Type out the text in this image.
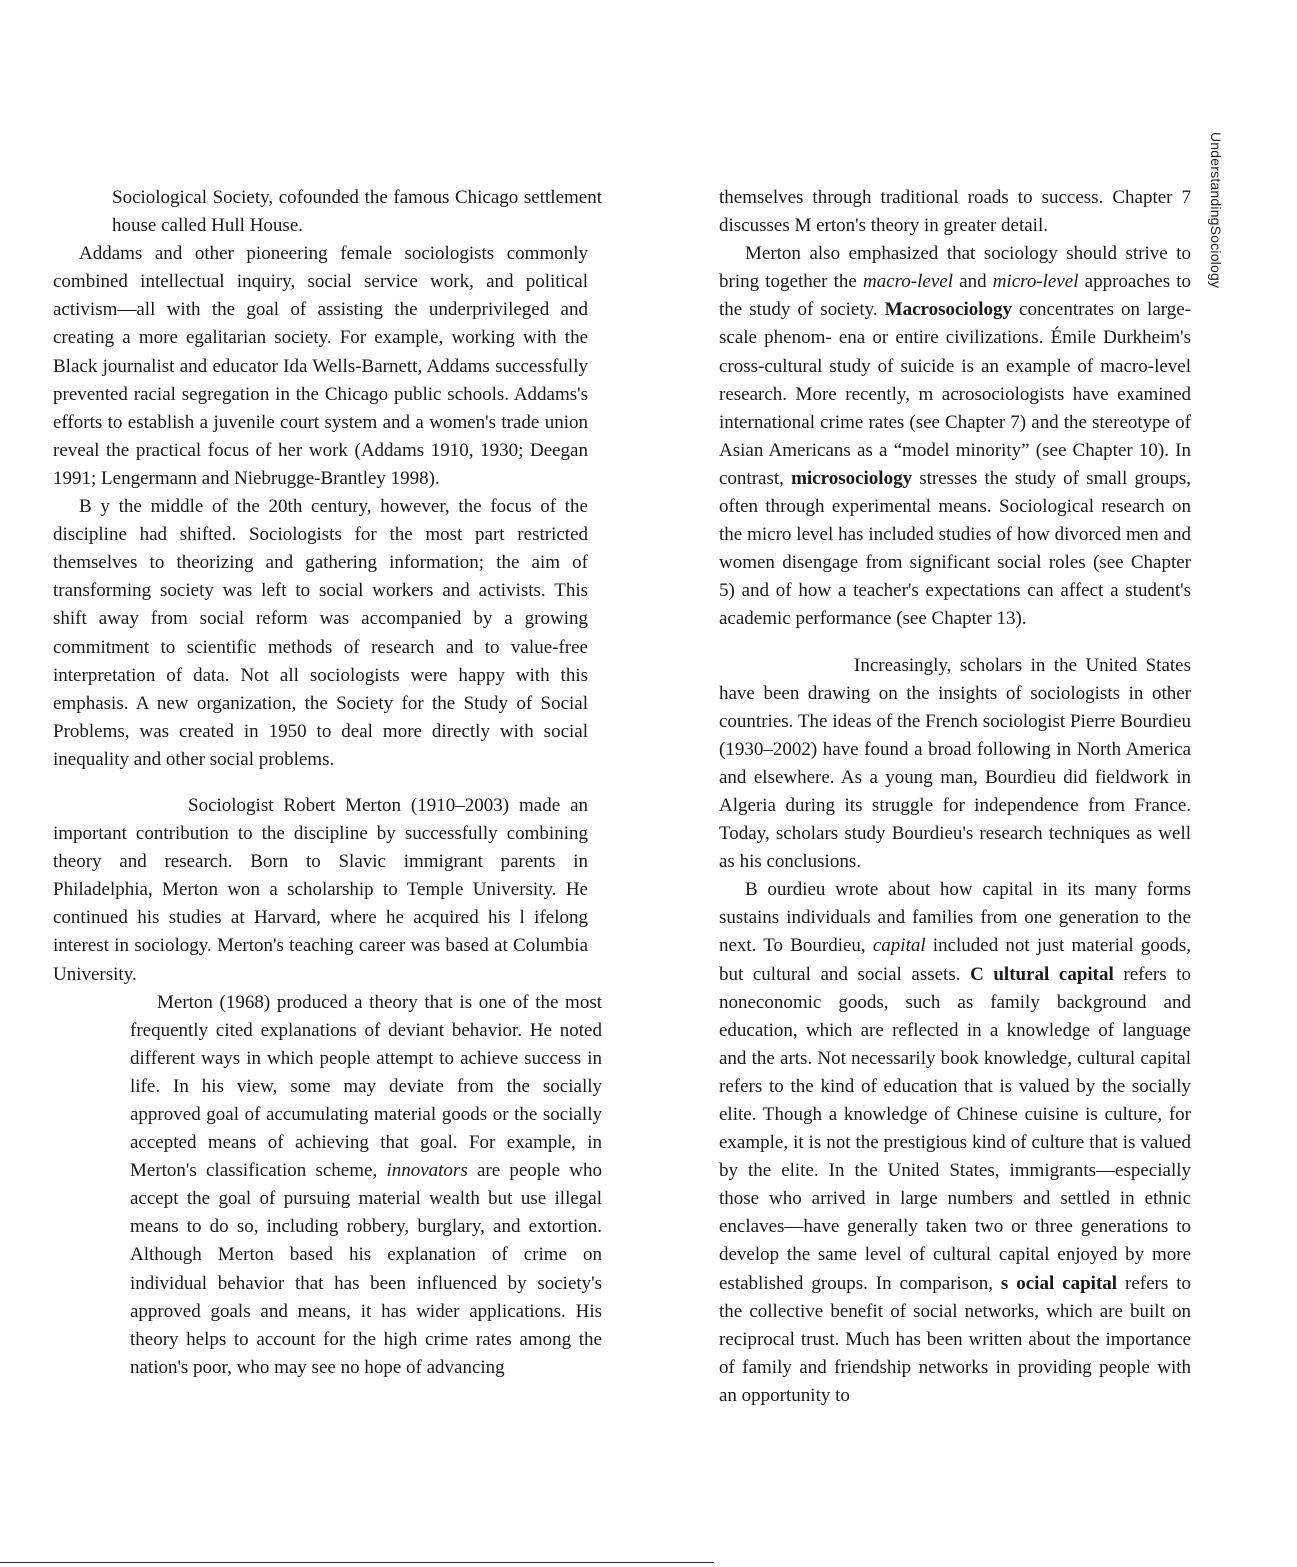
UnderstandingSociology

Sociological Society, cofounded the famous Chicago settlement house called Hull House.

Addams and other pioneering female sociologists commonly combined intellectual inquiry, social service work, and political activism—all with the goal of assisting the underprivileged and creating a more egalitarian society. For example, working with the Black journalist and educator Ida Wells-Barnett, Addams successfully prevented racial segregation in the Chicago public schools. Addams's efforts to establish a juvenile court system and a women's trade union reveal the practical focus of her work (Addams 1910, 1930; Deegan 1991; Lengermann and Niebrugge-Brantley 1998).

B y the middle of the 20th century, however, the focus of the discipline had shifted. Sociologists for the most part restricted themselves to theorizing and gathering information; the aim of transforming society was left to social workers and activists. This shift away from social reform was accompanied by a growing commitment to scientific methods of research and to value-free interpretation of data. Not all sociologists were happy with this emphasis. A new organization, the Society for the Study of Social Problems, was created in 1950 to deal more directly with social inequality and other social problems.

Sociologist Robert Merton (1910–2003) made an important contribution to the discipline by successfully combining theory and research. Born to Slavic immigrant parents in Philadelphia, Merton won a scholarship to Temple University. He continued his studies at Harvard, where he acquired his l ifelong interest in sociology. Merton's teaching career was based at Columbia University.

Merton (1968) produced a theory that is one of the most frequently cited explanations of deviant behavior. He noted different ways in which people attempt to achieve success in life. In his view, some may deviate from the socially approved goal of accumulating material goods or the socially accepted means of achieving that goal. For example, in Merton's classification scheme, innovators are people who accept the goal of pursuing material wealth but use illegal means to do so, including robbery, burglary, and extortion. Although Merton based his explanation of crime on individual behavior that has been influenced by society's approved goals and means, it has wider applications. His theory helps to account for the high crime rates among the nation's poor, who may see no hope of advancing

themselves through traditional roads to success. Chapter 7 discusses M erton's theory in greater detail.

Merton also emphasized that sociology should strive to bring together the macro-level and micro-level approaches to the study of society. Macrosociology concentrates on large-scale phenom- ena or entire civilizations. Émile Durkheim's cross-cultural study of suicide is an example of macro-level research. More recently, m acrosociologists have examined international crime rates (see Chapter 7) and the stereotype of Asian Americans as a “model minority” (see Chapter 10). In contrast, microsociology stresses the study of small groups, often through experimental means. Sociological research on the micro level has included studies of how divorced men and women disengage from significant social roles (see Chapter 5) and of how a teacher's expectations can affect a student's academic performance (see Chapter 13).

Increasingly, scholars in the United States have been drawing on the insights of sociologists in other countries. The ideas of the French sociologist Pierre Bourdieu (1930–2002) have found a broad following in North America and elsewhere. As a young man, Bourdieu did fieldwork in Algeria during its struggle for independence from France. Today, scholars study Bourdieu's research techniques as well as his conclusions.

B ourdieu wrote about how capital in its many forms sustains individuals and families from one generation to the next. To Bourdieu, capital included not just material goods, but cultural and social assets. C ultural capital refers to noneconomic goods, such as family background and education, which are reflected in a knowledge of language and the arts. Not necessarily book knowledge, cultural capital refers to the kind of education that is valued by the socially elite. Though a knowledge of Chinese cuisine is culture, for example, it is not the prestigious kind of culture that is valued by the elite. In the United States, immigrants—especially those who arrived in large numbers and settled in ethnic enclaves—have generally taken two or three generations to develop the same level of cultural capital enjoyed by more established groups. In comparison, s ocial capital refers to the collective benefit of social networks, which are built on reciprocal trust. Much has been written about the importance of family and friendship networks in providing people with an opportunity to
